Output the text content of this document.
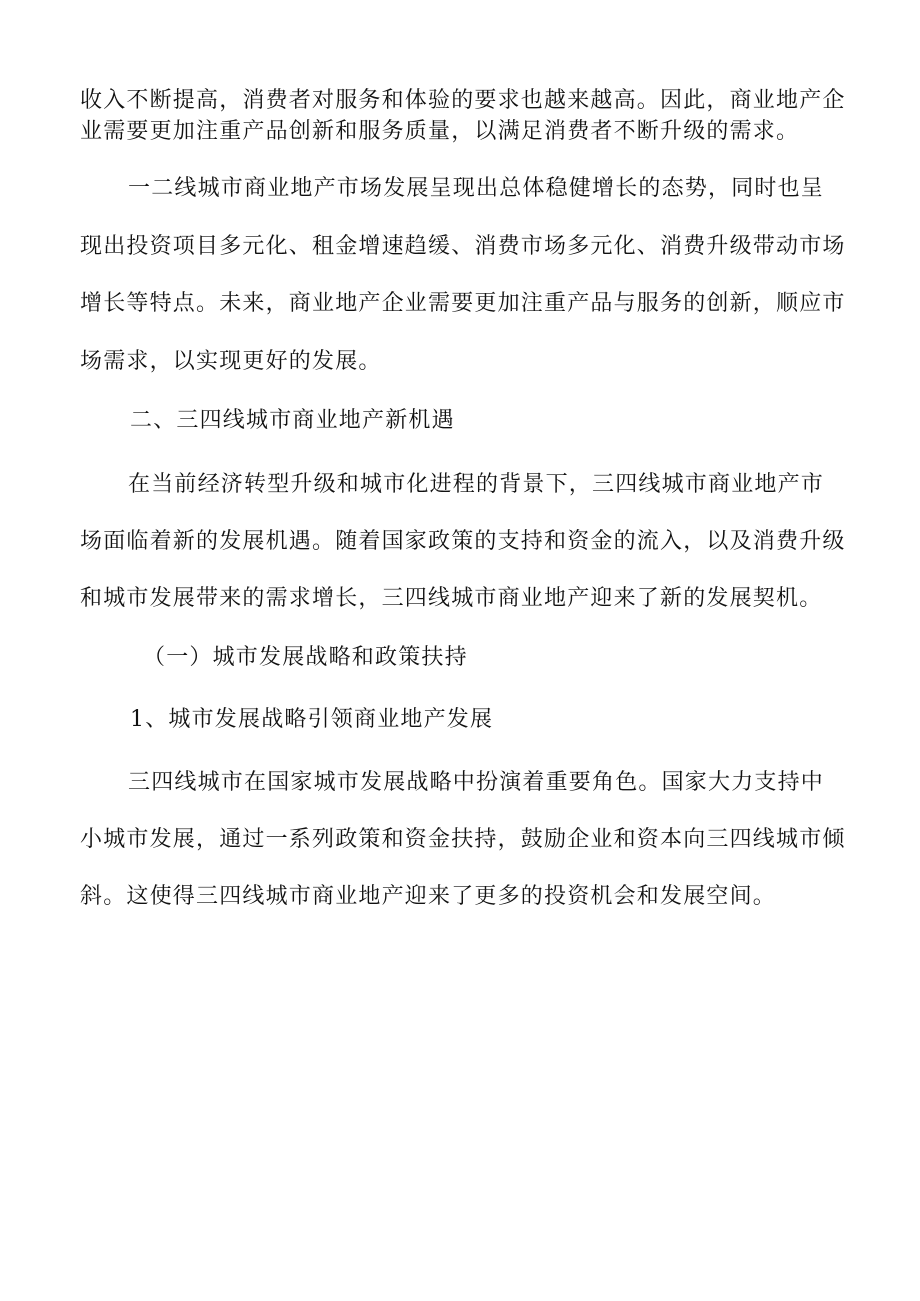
收入不断提高，消费者对服务和体验的要求也越来越高。因此，商业地产企

业需要更加注重产品创新和服务质量，以满足消费者不断升级的需求。

一二线城市商业地产市场发展呈现出总体稳健增长的态势，同时也呈

现出投资项目多元化、租金增速趋缓、消费市场多元化、消费升级带动市场

增长等特点。未来，商业地产企业需要更加注重产品与服务的创新，顺应市

场需求，以实现更好的发展。

二、三四线城市商业地产新机遇

在当前经济转型升级和城市化进程的背景下，三四线城市商业地产市

场面临着新的发展机遇。随着国家政策的支持和资金的流入，以及消费升级

和城市发展带来的需求增长，三四线城市商业地产迎来了新的发展契机。

（一）城市发展战略和政策扶持

1、城市发展战略引领商业地产发展

三四线城市在国家城市发展战略中扮演着重要角色。国家大力支持中

小城市发展，通过一系列政策和资金扶持，鼓励企业和资本向三四线城市倾

斜。这使得三四线城市商业地产迎来了更多的投资机会和发展空间。
